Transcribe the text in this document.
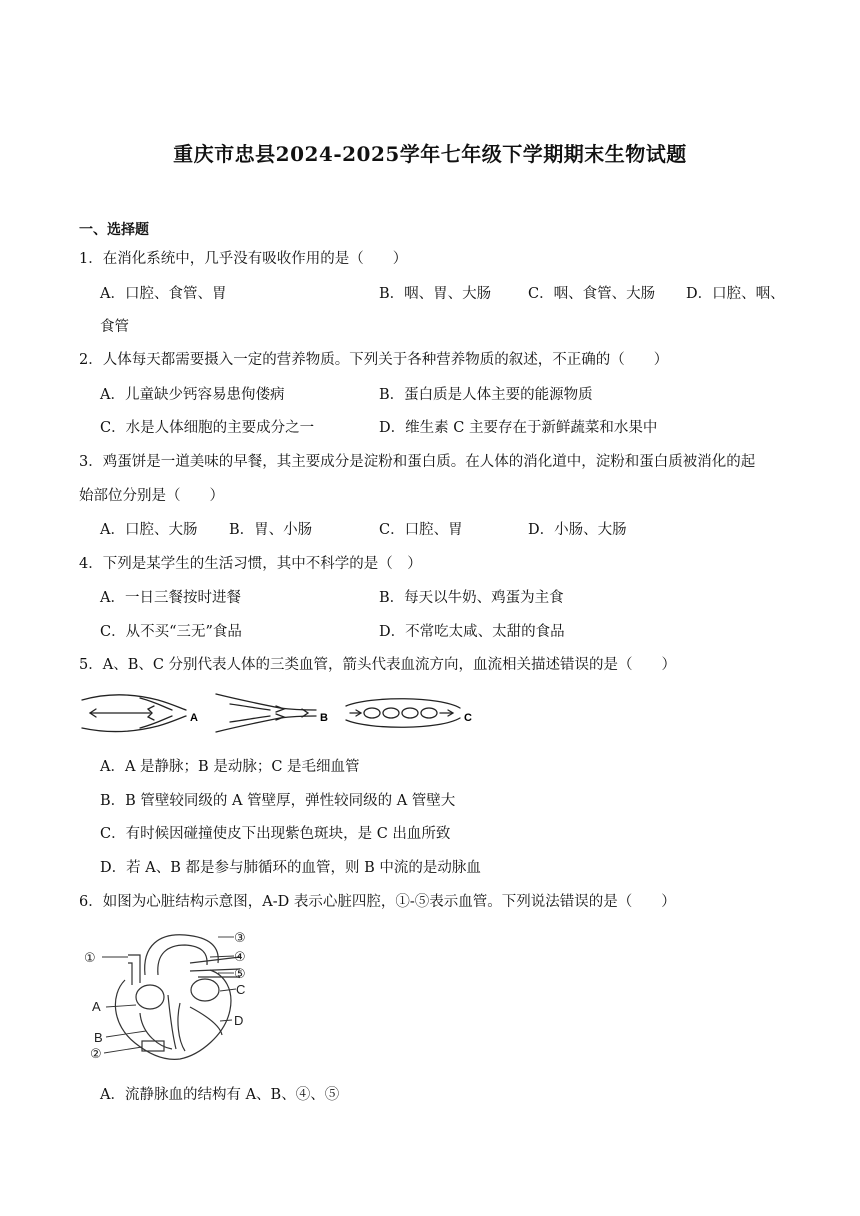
重庆市忠县2024-2025学年七年级下学期期末生物试题
一、选择题
1．在消化系统中，几乎没有吸收作用的是（　　）
A．口腔、食管、胃	B．咽、胃、大肠	C．咽、食管、大肠 D．口腔、咽、
食管
2．人体每天都需要摄入一定的营养物质。下列关于各种营养物质的叙述，不正确的（　　）
A．儿童缺少钙容易患佝偻病	B．蛋白质是人体主要的能源物质
C．水是人体细胞的主要成分之一	D．维生素 C 主要存在于新鲜蔬菜和水果中
3．鸡蛋饼是一道美味的早餐，其主要成分是淀粉和蛋白质。在人体的消化道中，淀粉和蛋白质被消化的起
始部位分别是（　　）
A．口腔、大肠 B．胃、小肠	C．口腔、胃	D．小肠、大肠
4．下列是某学生的生活习惯，其中不科学的是（　）
A．一日三餐按时进餐	B．每天以牛奶、鸡蛋为主食
C．从不买“三无”食品	D．不常吃太咸、太甜的食品
5．A、B、C 分别代表人体的三类血管，箭头代表血流方向，血流相关描述错误的是（　　）
A	B	C
A．A 是静脉；B 是动脉；C 是毛细血管
B．B 管壁较同级的 A 管壁厚，弹性较同级的 A 管壁大
C．有时候因碰撞使皮下出现紫色斑块，是 C 出血所致
D．若 A、B 都是参与肺循环的血管，则 B 中流的是动脉血
6．如图为心脏结构示意图，A-D 表示心脏四腔，①-⑤表示血管。下列说法错误的是（　　）
①
②
③
④
⑤
C
A
B
D
A．流静脉血的结构有 A、B、④、⑤
